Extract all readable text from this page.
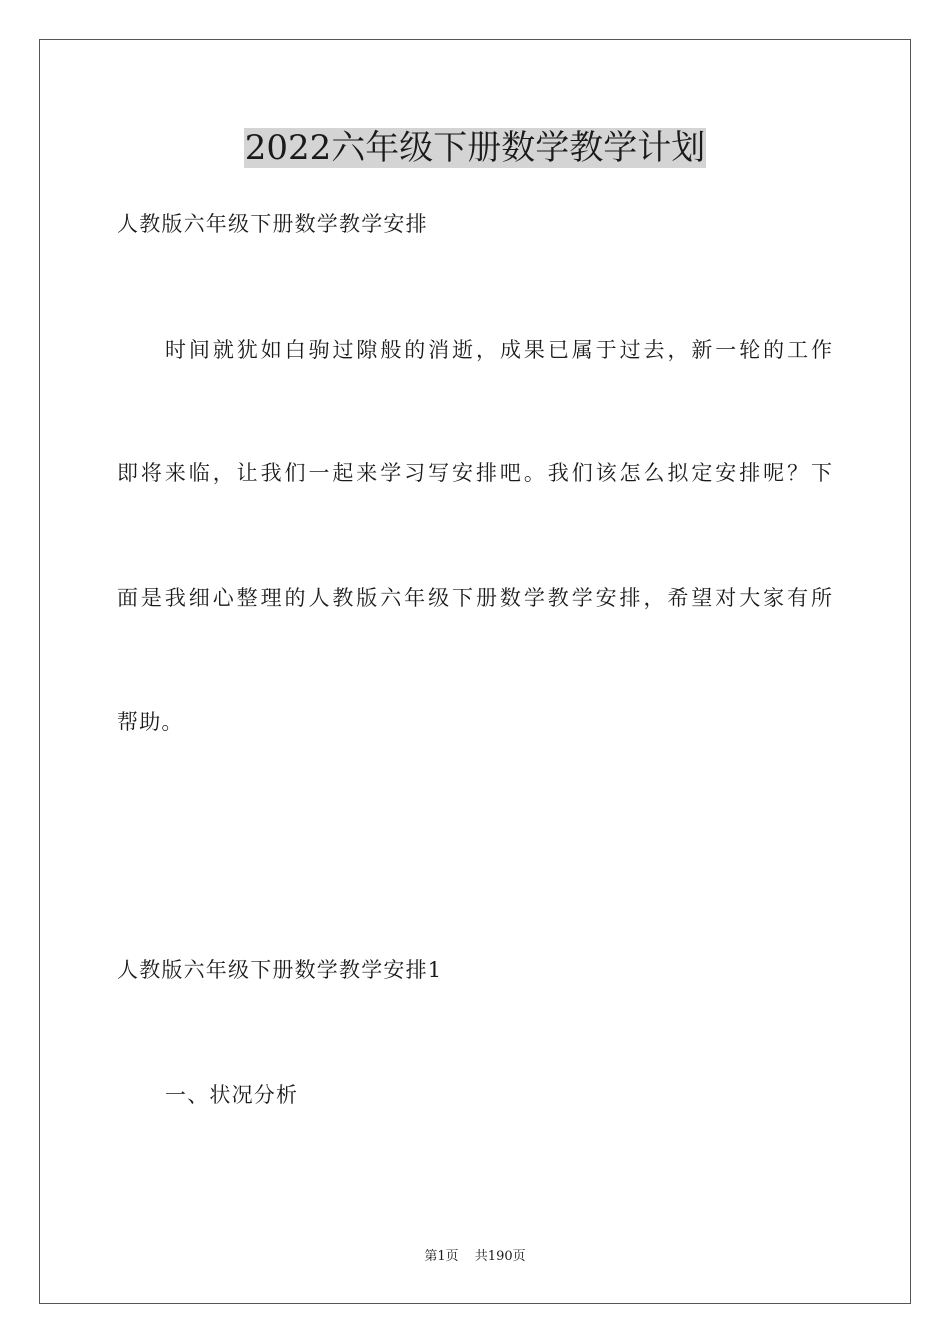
2022六年级下册数学教学计划

人教版六年级下册数学教学安排

时间就犹如白驹过隙般的消逝，成果已属于过去，新一轮的工作

即将来临，让我们一起来学习写安排吧。我们该怎么拟定安排呢？下

面是我细心整理的人教版六年级下册数学教学安排，希望对大家有所

帮助。

人教版六年级下册数学教学安排1

一、状况分析

第1页 共190页
